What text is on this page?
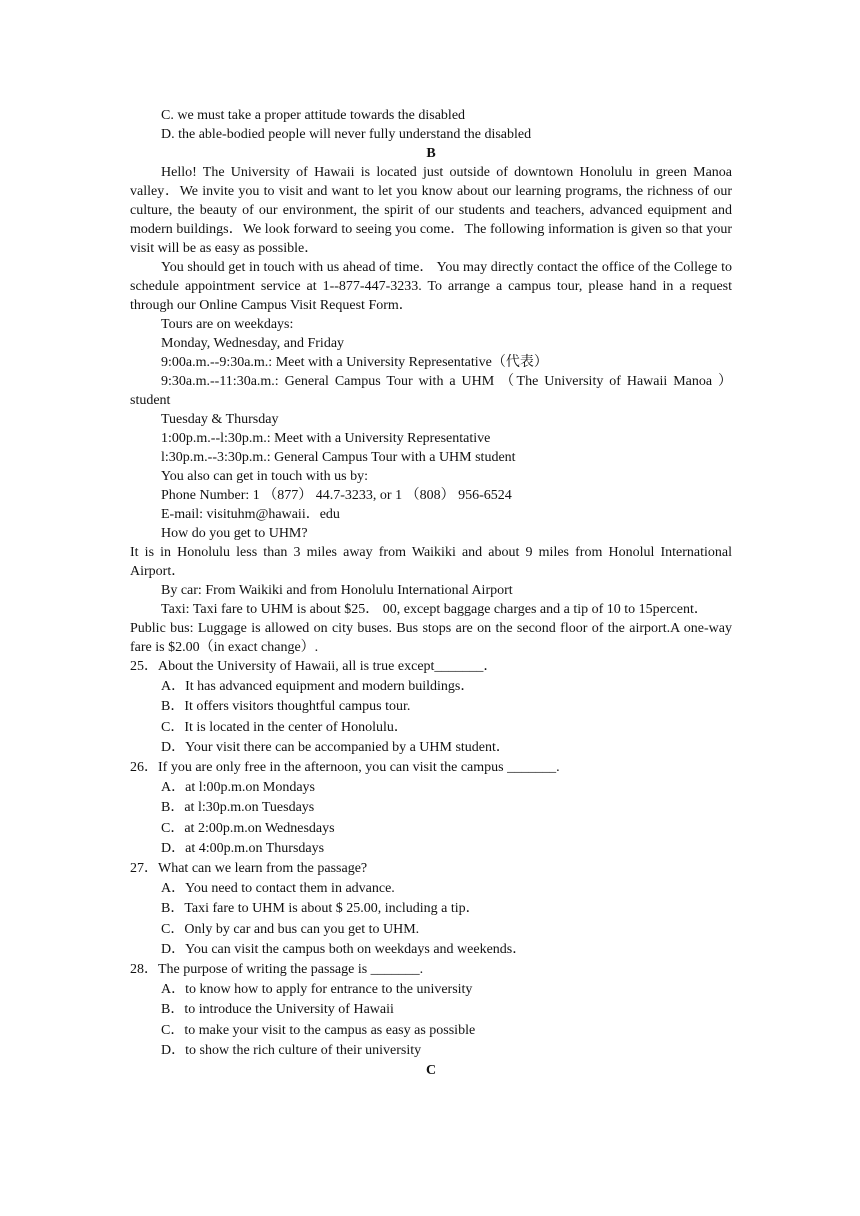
C. we must take a proper attitude towards the disabled
D. the able-bodied people will never fully understand the disabled
B
Hello! The University of Hawaii is located just outside of downtown Honolulu in green Manoa valley．We invite you to visit and want to let you know about our learning programs, the richness of our culture, the beauty of our environment, the spirit of our students and teachers, advanced equipment and modern buildings．We look forward to seeing you come．The following information is given so that your visit will be as easy as possible．
You should get in touch with us ahead of time． You may directly contact the office of the College to schedule appointment service at 1--877-447-3233. To arrange a campus tour, please hand in a request through our Online Campus Visit Request Form．
Tours are on weekdays:
Monday, Wednesday, and Friday
9:00a.m.--9:30a.m.: Meet with a University Representative（代表）
9:30a.m.--11:30a.m.: General Campus Tour with a UHM （The University of Hawaii Manoa ） student
Tuesday & Thursday
1:00p.m.--l:30p.m.: Meet with a University Representative
l:30p.m.--3:30p.m.: General Campus Tour with a UHM student
You also can get in touch with us by:
Phone Number: 1 （877） 44.7-3233, or 1 （808） 956-6524
E-mail: visituhm@hawaii．edu
How do you get to UHM?
It is in Honolulu less than 3 miles away from Waikiki and about 9 miles from Honolul International Airport．
By car: From Waikiki and from Honolulu International Airport
Taxi: Taxi fare to UHM is about $25． 00, except baggage charges and a tip of 10 to 15percent．
Public bus: Luggage is allowed on city buses. Bus stops are on the second floor of the airport.A one-way fare is $2.00（in exact change）.
25．About the University of Hawaii, all is true except_______．
A．It has advanced equipment and modern buildings．
B．It offers visitors thoughtful campus tour.
C．It is located in the center of Honolulu．
D．Your visit there can be accompanied by a UHM student．
26．If you are only free in the afternoon, you can visit the campus _______.
A．at l:00p.m.on Mondays
B．at l:30p.m.on Tuesdays
C．at 2:00p.m.on Wednesdays
D．at 4:00p.m.on Thursdays
27．What can we learn from the passage?
A．You need to contact them in advance.
B．Taxi fare to UHM is about $ 25.00, including a tip．
C．Only by car and bus can you get to UHM.
D．You can visit the campus both on weekdays and weekends．
28．The purpose of writing the passage is _______.
A．to know how to apply for entrance to the university
B．to introduce the University of Hawaii
C．to make your visit to the campus as easy as possible
D．to show the rich culture of their university
C
